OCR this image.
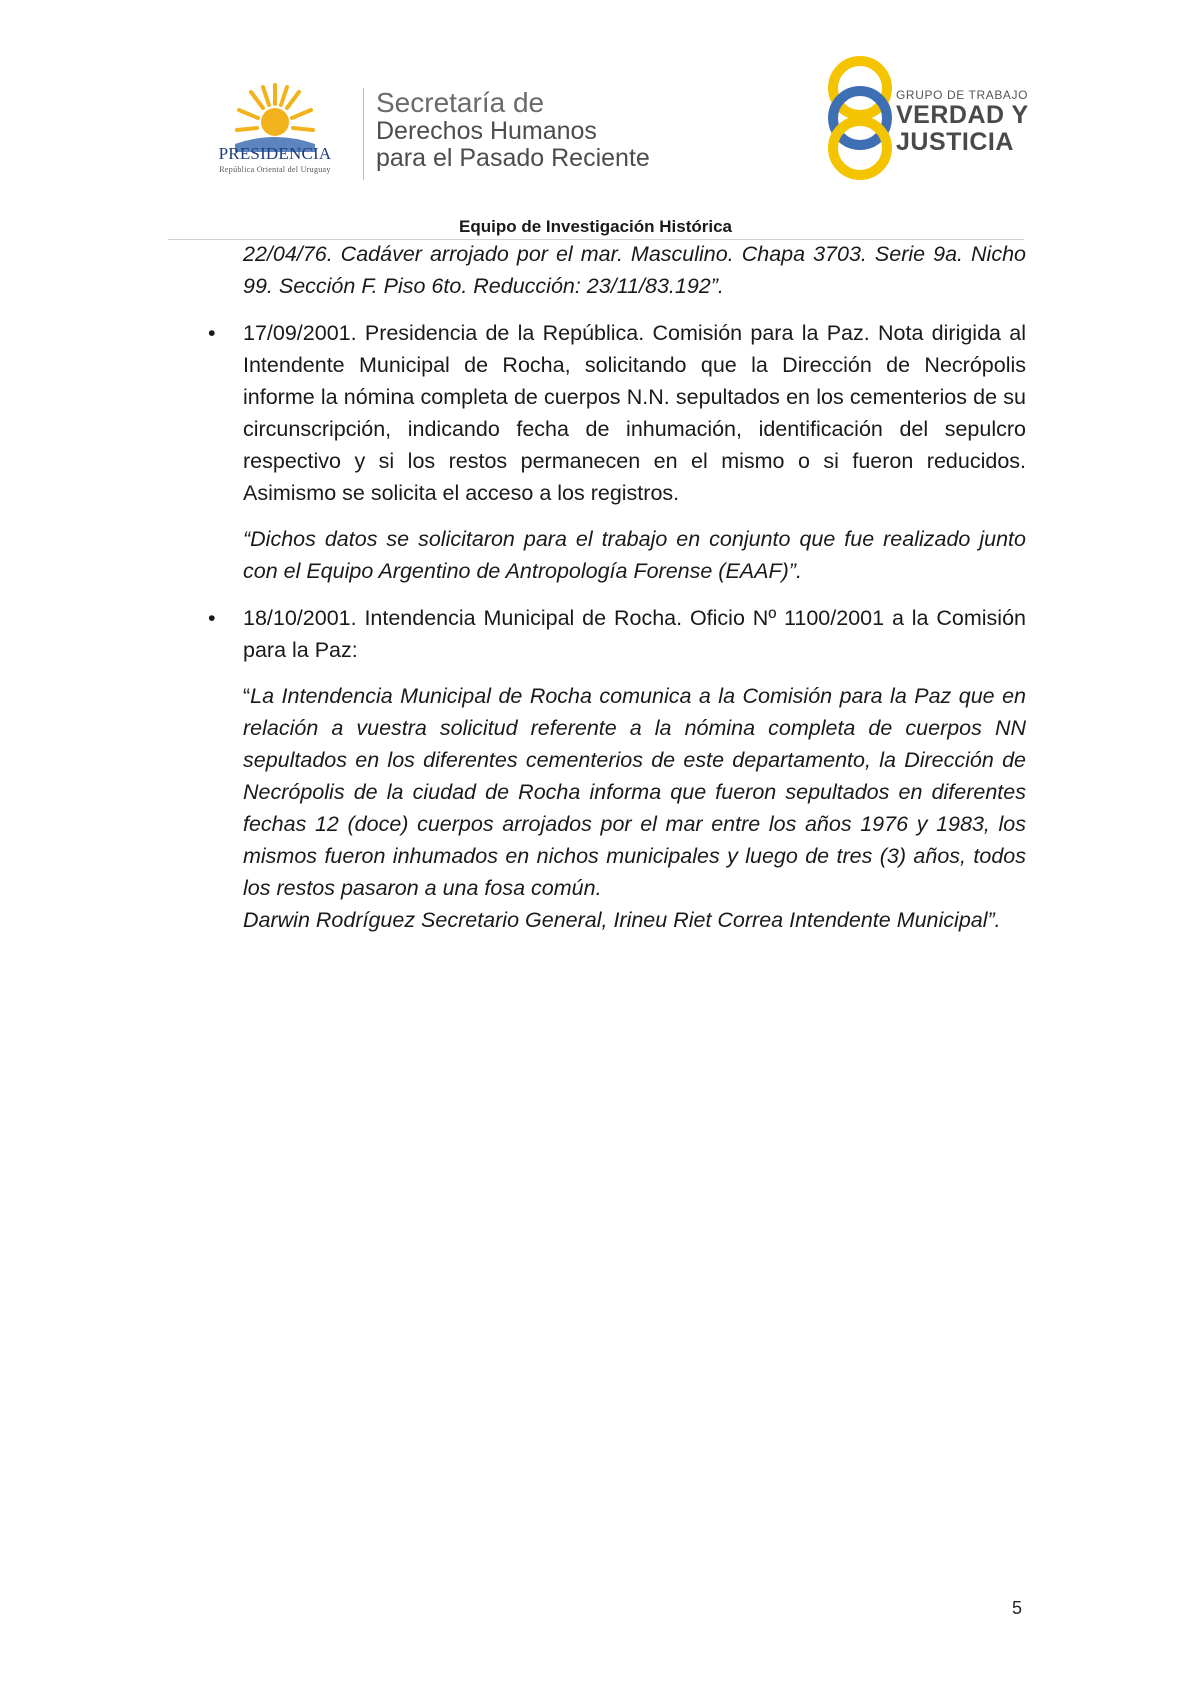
PRESIDENCIA
República Oriental del Uruguay
Secretaría de
Derechos Humanos
para el Pasado Reciente
GRUPO DE TRABAJO
VERDAD Y
JUSTICIA
Equipo de Investigación Histórica

22/04/76. Cadáver arrojado por el mar. Masculino. Chapa 3703. Serie 9a. Nicho 99. Sección F. Piso 6to. Reducción: 23/11/83.192”.

• 17/09/2001. Presidencia de la República. Comisión para la Paz. Nota dirigida al Intendente Municipal de Rocha, solicitando que la Dirección de Necrópolis informe la nómina completa de cuerpos N.N. sepultados en los cementerios de su circunscripción, indicando fecha de inhumación, identificación del sepulcro respectivo y si los restos permanecen en el mismo o si fueron reducidos. Asimismo se solicita el acceso a los registros.

“Dichos datos se solicitaron para el trabajo en conjunto que fue realizado junto con el Equipo Argentino de Antropología Forense (EAAF)”.

• 18/10/2001. Intendencia Municipal de Rocha. Oficio Nº 1100/2001 a la Comisión para la Paz:

“La Intendencia Municipal de Rocha comunica a la Comisión para la Paz que en relación a vuestra solicitud referente a la nómina completa de cuerpos NN sepultados en los diferentes cementerios de este departamento, la Dirección de Necrópolis de la ciudad de Rocha informa que fueron sepultados en diferentes fechas 12 (doce) cuerpos arrojados por el mar entre los años 1976 y 1983, los mismos fueron inhumados en nichos municipales y luego de tres (3) años, todos los restos pasaron a una fosa común.

Darwin Rodríguez Secretario General, Irineu Riet Correa Intendente Municipal”.

5
